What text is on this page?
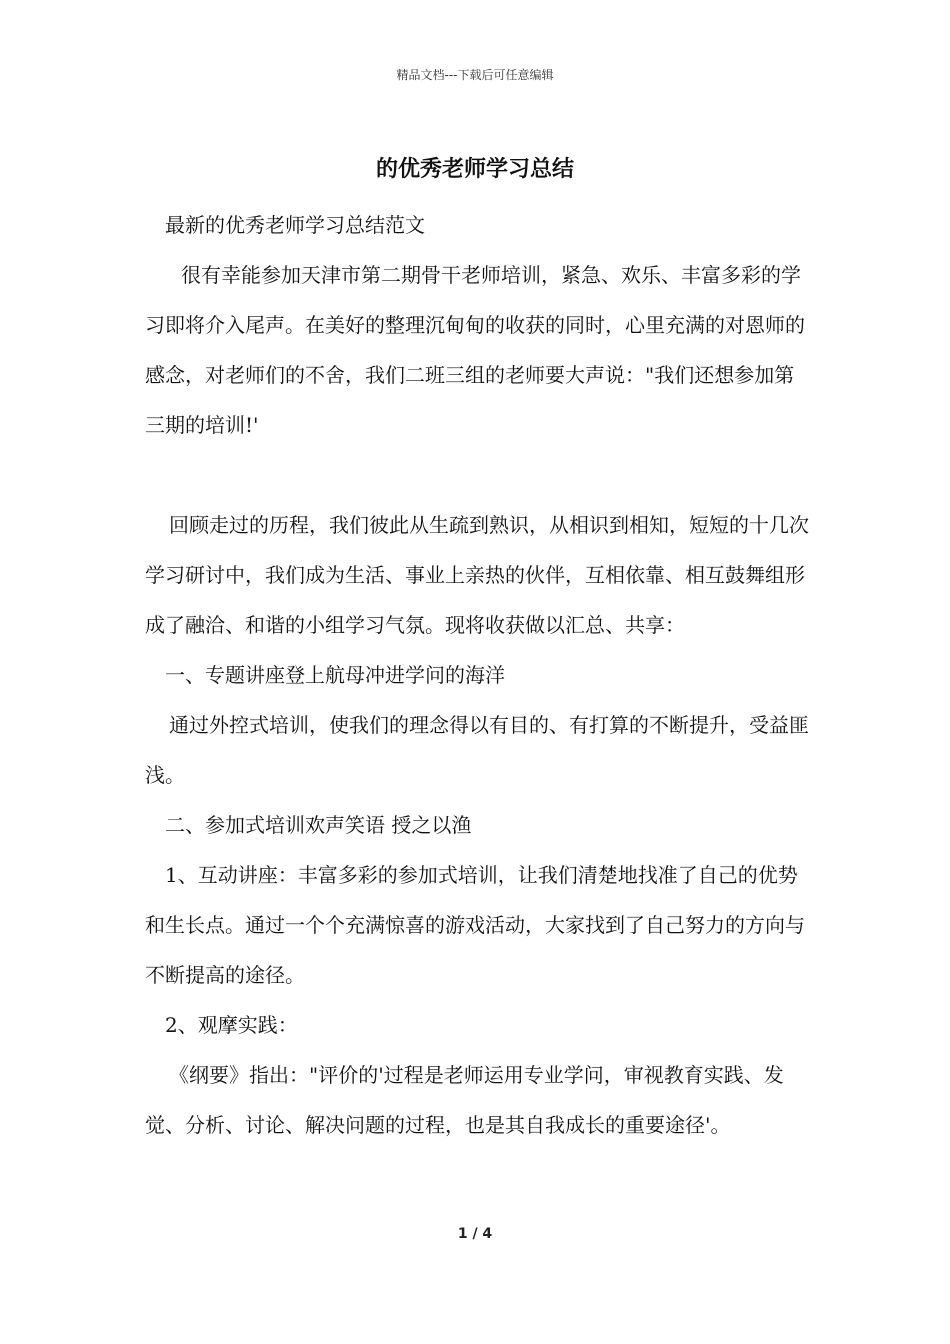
精品文档---下载后可任意编辑
的优秀老师学习总结

最新的优秀老师学习总结范文

很有幸能参加天津市第二期骨干老师培训，紧急、欢乐、丰富多彩的学习即将介入尾声。在美好的整理沉甸甸的收获的同时，心里充满的对恩师的感念，对老师们的不舍，我们二班三组的老师要大声说："我们还想参加第三期的培训!'

回顾走过的历程，我们彼此从生疏到熟识，从相识到相知，短短的十几次学习研讨中，我们成为生活、事业上亲热的伙伴，互相依靠、相互鼓舞组形成了融洽、和谐的小组学习气氛。现将收获做以汇总、共享：

一、专题讲座登上航母冲进学问的海洋

通过外控式培训，使我们的理念得以有目的、有打算的不断提升，受益匪浅。

二、参加式培训欢声笑语 授之以渔

1、互动讲座：丰富多彩的参加式培训，让我们清楚地找准了自己的优势和生长点。通过一个个充满惊喜的游戏活动，大家找到了自己努力的方向与不断提高的途径。

2、观摩实践：

《纲要》指出："评价的'过程是老师运用专业学问，审视教育实践、发觉、分析、讨论、解决问题的过程，也是其自我成长的重要途径'。

1 / 4
